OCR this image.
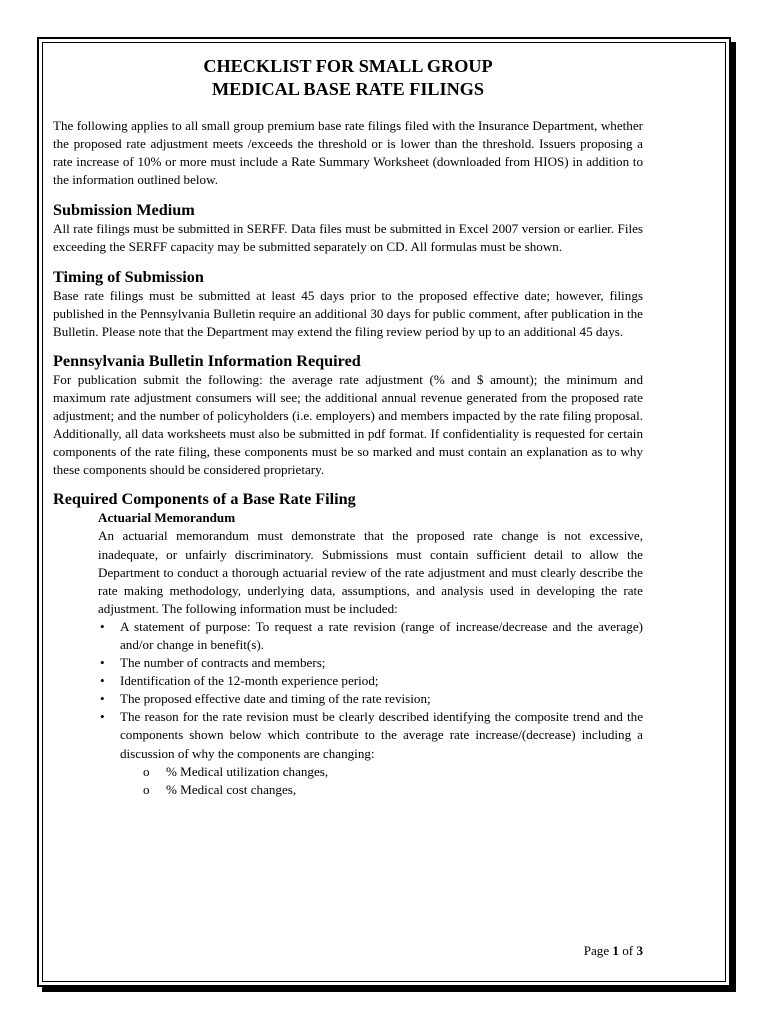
CHECKLIST FOR SMALL GROUP
MEDICAL BASE RATE FILINGS

The following applies to all small group premium base rate filings filed with the Insurance Department, whether the proposed rate adjustment meets /exceeds the threshold or is lower than the threshold. Issuers proposing a rate increase of 10% or more must include a Rate Summary Worksheet (downloaded from HIOS) in addition to the information outlined below.

Submission Medium

All rate filings must be submitted in SERFF. Data files must be submitted in Excel 2007 version or earlier. Files exceeding the SERFF capacity may be submitted separately on CD. All formulas must be shown.

Timing of Submission

Base rate filings must be submitted at least 45 days prior to the proposed effective date; however, filings published in the Pennsylvania Bulletin require an additional 30 days for public comment, after publication in the Bulletin. Please note that the Department may extend the filing review period by up to an additional 45 days.

Pennsylvania Bulletin Information Required

For publication submit the following: the average rate adjustment (% and $ amount); the minimum and maximum rate adjustment consumers will see; the additional annual revenue generated from the proposed rate adjustment; and the number of policyholders (i.e. employers) and members impacted by the rate filing proposal. Additionally, all data worksheets must also be submitted in pdf format. If confidentiality is requested for certain components of the rate filing, these components must be so marked and must contain an explanation as to why these components should be considered proprietary.

Required Components of a Base Rate Filing
Actuarial Memorandum

An actuarial memorandum must demonstrate that the proposed rate change is not excessive, inadequate, or unfairly discriminatory. Submissions must contain sufficient detail to allow the Department to conduct a thorough actuarial review of the rate adjustment and must clearly describe the rate making methodology, underlying data, assumptions, and analysis used in developing the rate adjustment. The following information must be included:

• A statement of purpose: To request a rate revision (range of increase/decrease and the average) and/or change in benefit(s).
• The number of contracts and members;
• Identification of the 12-month experience period;
• The proposed effective date and timing of the rate revision;
• The reason for the rate revision must be clearly described identifying the composite trend and the components shown below which contribute to the average rate increase/(decrease) including a discussion of why the components are changing:
o % Medical utilization changes,
o % Medical cost changes,
Page 1 of 3
